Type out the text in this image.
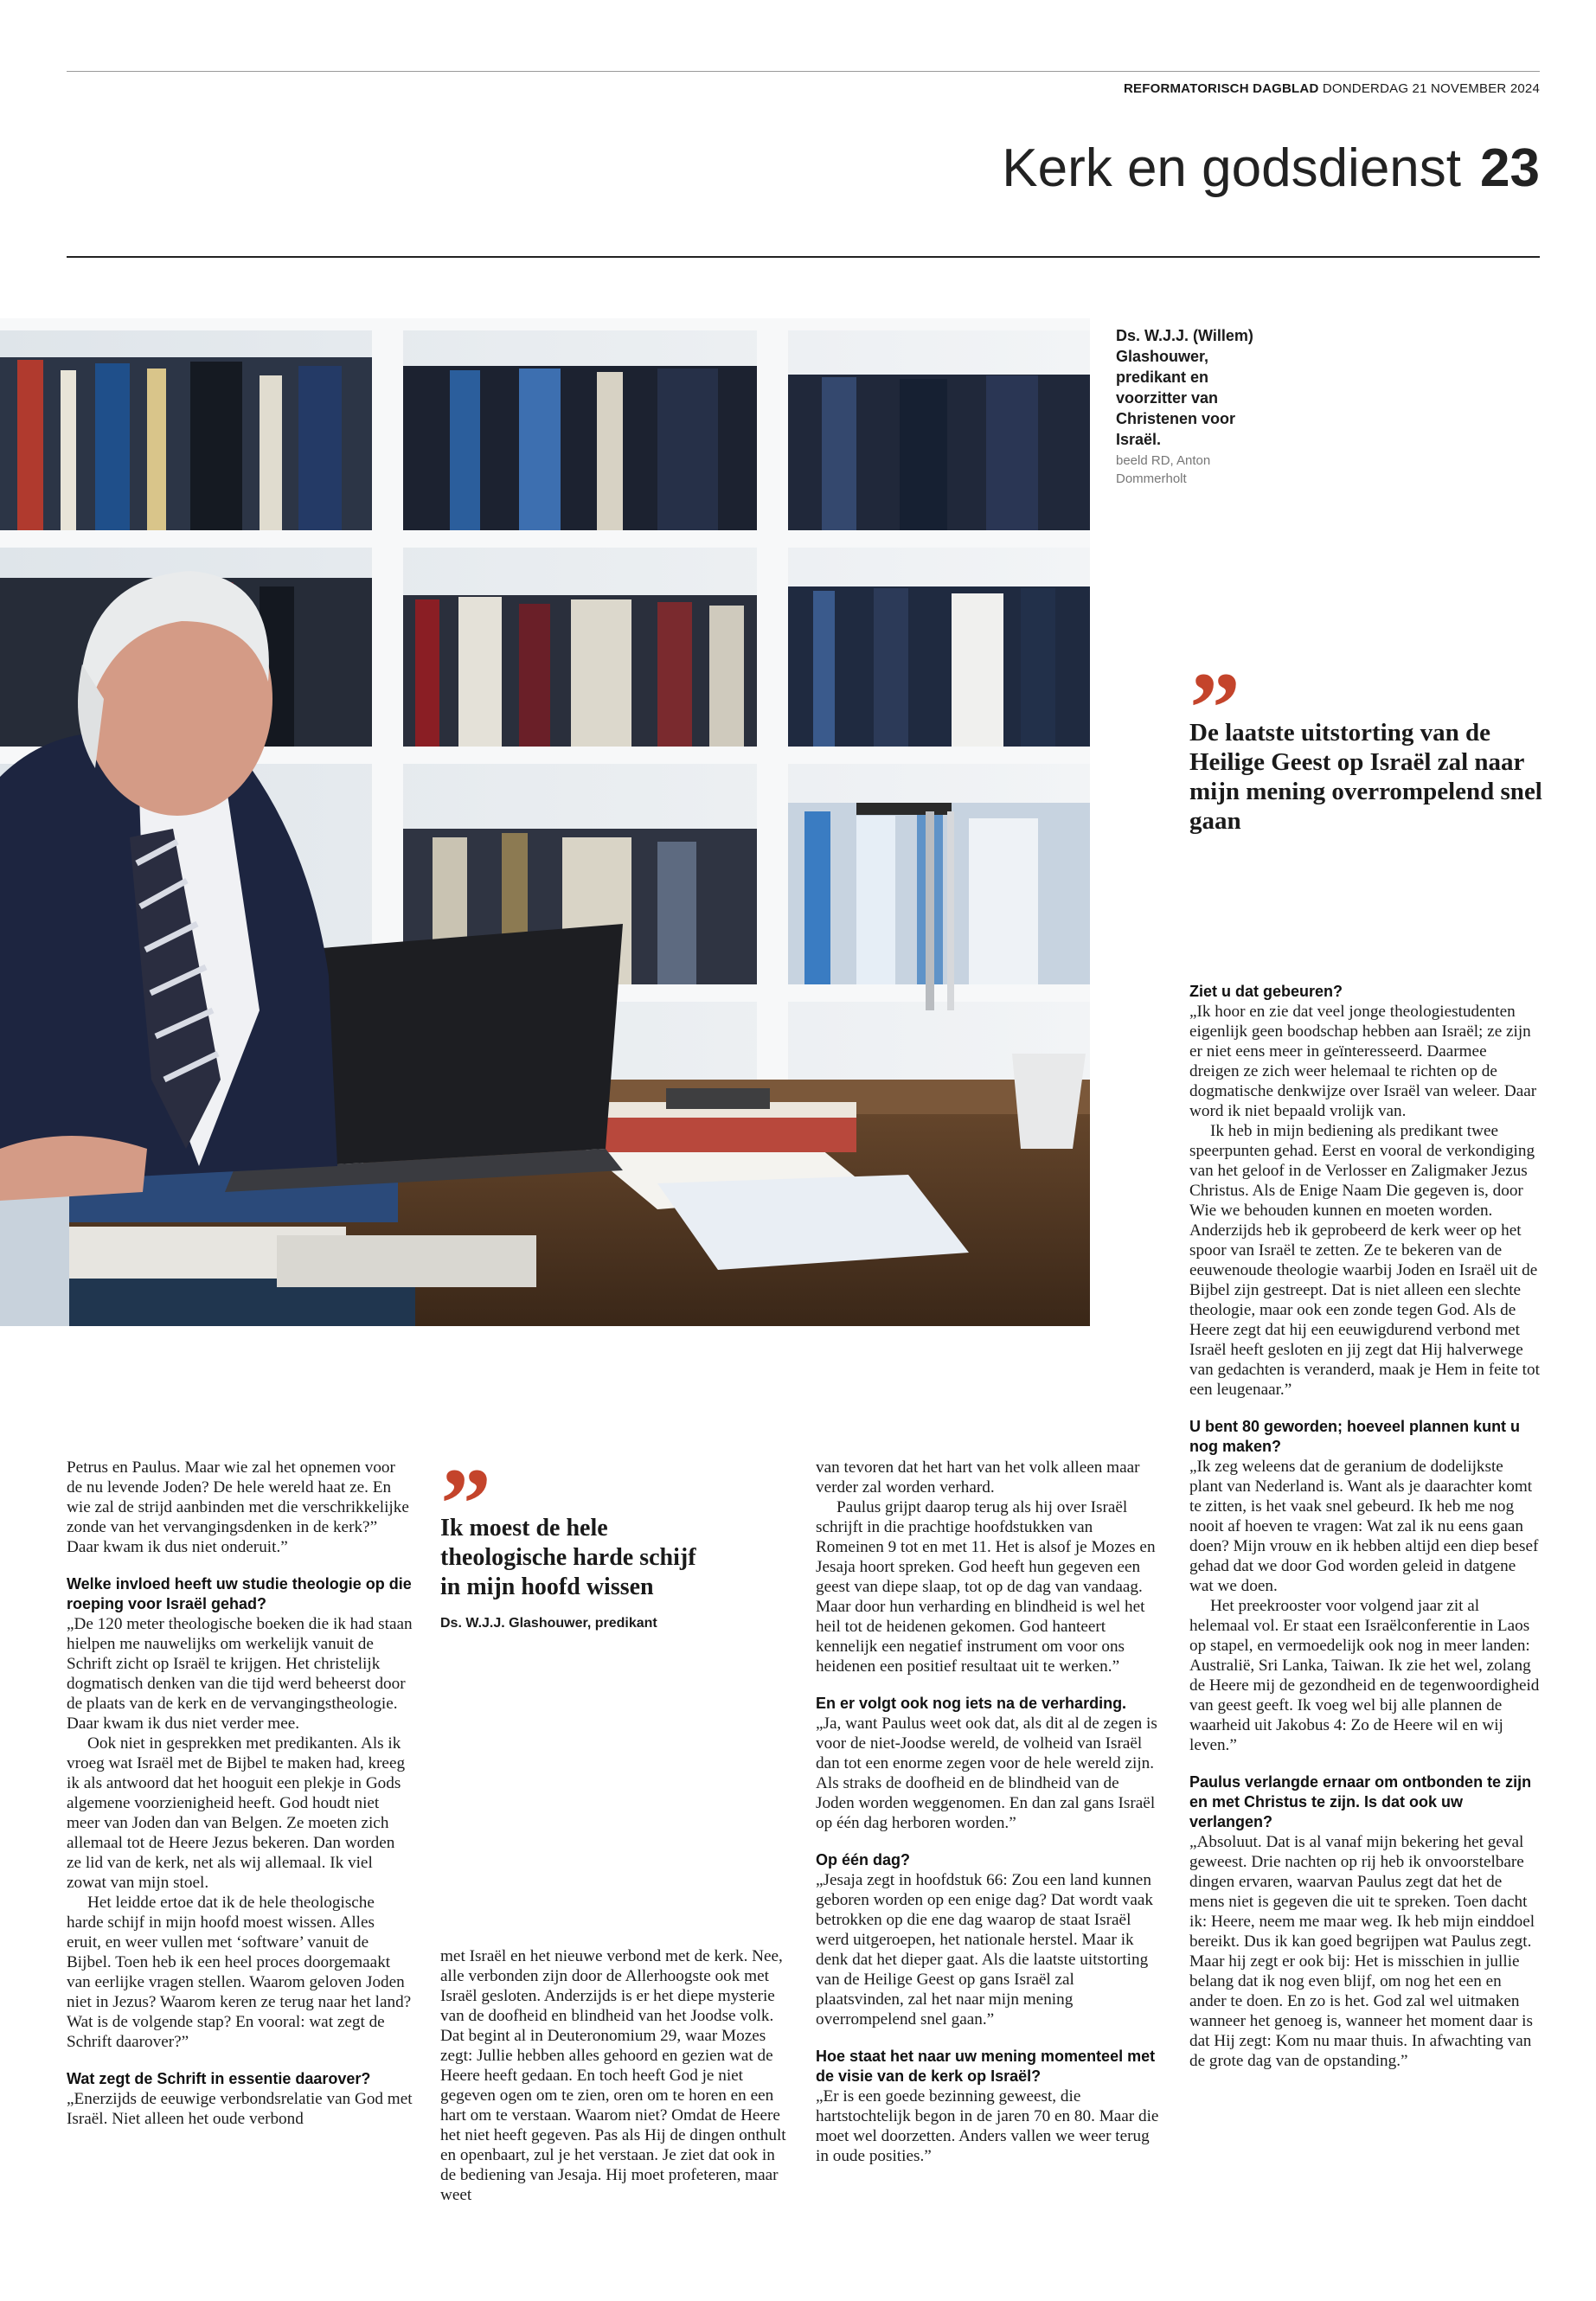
REFORMATORISCH DAGBLAD DONDERDAG 21 NOVEMBER 2024
Kerk en godsdienst 23
Ds. W.J.J. (Willem) Glashouwer, predikant en voorzitter van Christenen voor Israël.
beeld RD, Anton Dommerholt
”
De laatste uitstorting van de Heilige Geest op Israël zal naar mijn mening overrompelend snel gaan
”
Ik moest de hele theologische harde schijf in mijn hoofd wissen
Ds. W.J.J. Glashouwer, predikant

Petrus en Paulus. Maar wie zal het opnemen voor de nu levende Joden? De hele wereld haat ze. En wie zal de strijd aanbinden met die verschrikkelijke zonde van het vervangingsdenken in de kerk?” Daar kwam ik dus niet onderuit.”

Welke invloed heeft uw studie theologie op die roeping voor Israël gehad?

„De 120 meter theologische boeken die ik had staan hielpen me nauwelijks om werkelijk vanuit de Schrift zicht op Israël te krijgen. Het christelijk dogmatisch denken van die tijd werd beheerst door de plaats van de kerk en de vervangingstheologie. Daar kwam ik dus niet verder mee.

Ook niet in gesprekken met predikanten. Als ik vroeg wat Israël met de Bijbel te maken had, kreeg ik als antwoord dat het hooguit een plekje in Gods algemene voorzienigheid heeft. God houdt niet meer van Joden dan van Belgen. Ze moeten zich allemaal tot de Heere Jezus bekeren. Dan worden ze lid van de kerk, net als wij allemaal. Ik viel zowat van mijn stoel.

Het leidde ertoe dat ik de hele theologische harde schijf in mijn hoofd moest wissen. Alles eruit, en weer vullen met ‘software’ vanuit de Bijbel. Toen heb ik een heel proces doorgemaakt van eerlijke vragen stellen. Waarom geloven Joden niet in Jezus? Waarom keren ze terug naar het land? Wat is de volgende stap? En vooral: wat zegt de Schrift daarover?”

Wat zegt de Schrift in essentie daarover?

„Enerzijds de eeuwige verbondsrelatie van God met Israël. Niet alleen het oude verbond

met Israël en het nieuwe verbond met de kerk. Nee, alle verbonden zijn door de Allerhoogste ook met Israël gesloten. Anderzijds is er het diepe mysterie van de doofheid en blindheid van het Joodse volk. Dat begint al in Deuteronomium 29, waar Mozes zegt: Jullie hebben alles gehoord en gezien wat de Heere heeft gedaan. En toch heeft God je niet gegeven ogen om te zien, oren om te horen en een hart om te verstaan. Waarom niet? Omdat de Heere het niet heeft gegeven. Pas als Hij de dingen onthult en openbaart, zul je het verstaan. Je ziet dat ook in de bediening van Jesaja. Hij moet profeteren, maar weet

van tevoren dat het hart van het volk alleen maar verder zal worden verhard.

Paulus grijpt daarop terug als hij over Israël schrijft in die prachtige hoofdstukken van Romeinen 9 tot en met 11. Het is alsof je Mozes en Jesaja hoort spreken. God heeft hun gegeven een geest van diepe slaap, tot op de dag van vandaag. Maar door hun verharding en blindheid is wel het heil tot de heidenen gekomen. God hanteert kennelijk een negatief instrument om voor ons heidenen een positief resultaat uit te werken.”

En er volgt ook nog iets na de verharding.

„Ja, want Paulus weet ook dat, als dit al de zegen is voor de niet-Joodse wereld, de volheid van Israël dan tot een enorme zegen voor de hele wereld zijn. Als straks de doofheid en de blindheid van de Joden worden weggenomen. En dan zal gans Israël op één dag herboren worden.”

Op één dag?

„Jesaja zegt in hoofdstuk 66: Zou een land kunnen geboren worden op een enige dag? Dat wordt vaak betrokken op die ene dag waarop de staat Israël werd uitgeroepen, het nationale herstel. Maar ik denk dat het dieper gaat. Als die laatste uitstorting van de Heilige Geest op gans Israël zal plaatsvinden, zal het naar mijn mening overrompelend snel gaan.”

Hoe staat het naar uw mening momenteel met de visie van de kerk op Israël?

„Er is een goede bezinning geweest, die hartstochtelijk begon in de jaren 70 en 80. Maar die moet wel doorzetten. Anders vallen we weer terug in oude posities.”

Ziet u dat gebeuren?

„Ik hoor en zie dat veel jonge theologiestudenten eigenlijk geen boodschap hebben aan Israël; ze zijn er niet eens meer in geïnteresseerd. Daarmee dreigen ze zich weer helemaal te richten op de dogmatische denkwijze over Israël van weleer. Daar word ik niet bepaald vrolijk van.

Ik heb in mijn bediening als predikant twee speerpunten gehad. Eerst en vooral de verkondiging van het geloof in de Verlosser en Zaligmaker Jezus Christus. Als de Enige Naam Die gegeven is, door Wie we behouden kunnen en moeten worden. Anderzijds heb ik geprobeerd de kerk weer op het spoor van Israël te zetten. Ze te bekeren van de eeuwenoude theologie waarbij Joden en Israël uit de Bijbel zijn gestreept. Dat is niet alleen een slechte theologie, maar ook een zonde tegen God. Als de Heere zegt dat hij een eeuwigdurend verbond met Israël heeft gesloten en jij zegt dat Hij halverwege van gedachten is veranderd, maak je Hem in feite tot een leugenaar.”

U bent 80 geworden; hoeveel plannen kunt u nog maken?

„Ik zeg weleens dat de geranium de dodelijkste plant van Nederland is. Want als je daarachter komt te zitten, is het vaak snel gebeurd. Ik heb me nog nooit af hoeven te vragen: Wat zal ik nu eens gaan doen? Mijn vrouw en ik hebben altijd een diep besef gehad dat we door God worden geleid in datgene wat we doen.

Het preekrooster voor volgend jaar zit al helemaal vol. Er staat een Israëlconferentie in Laos op stapel, en vermoedelijk ook nog in meer landen: Australië, Sri Lanka, Taiwan. Ik zie het wel, zolang de Heere mij de gezondheid en de tegenwoordigheid van geest geeft. Ik voeg wel bij alle plannen de waarheid uit Jakobus 4: Zo de Heere wil en wij leven.”

Paulus verlangde ernaar om ontbonden te zijn en met Christus te zijn. Is dat ook uw verlangen?

„Absoluut. Dat is al vanaf mijn bekering het geval geweest. Drie nachten op rij heb ik onvoorstelbare dingen ervaren, waarvan Paulus zegt dat het de mens niet is gegeven die uit te spreken. Toen dacht ik: Heere, neem me maar weg. Ik heb mijn einddoel bereikt. Dus ik kan goed begrijpen wat Paulus zegt. Maar hij zegt er ook bij: Het is misschien in jullie belang dat ik nog even blijf, om nog het een en ander te doen. En zo is het. God zal wel uitmaken wanneer het genoeg is, wanneer het moment daar is dat Hij zegt: Kom nu maar thuis. In afwachting van de grote dag van de opstanding.”
